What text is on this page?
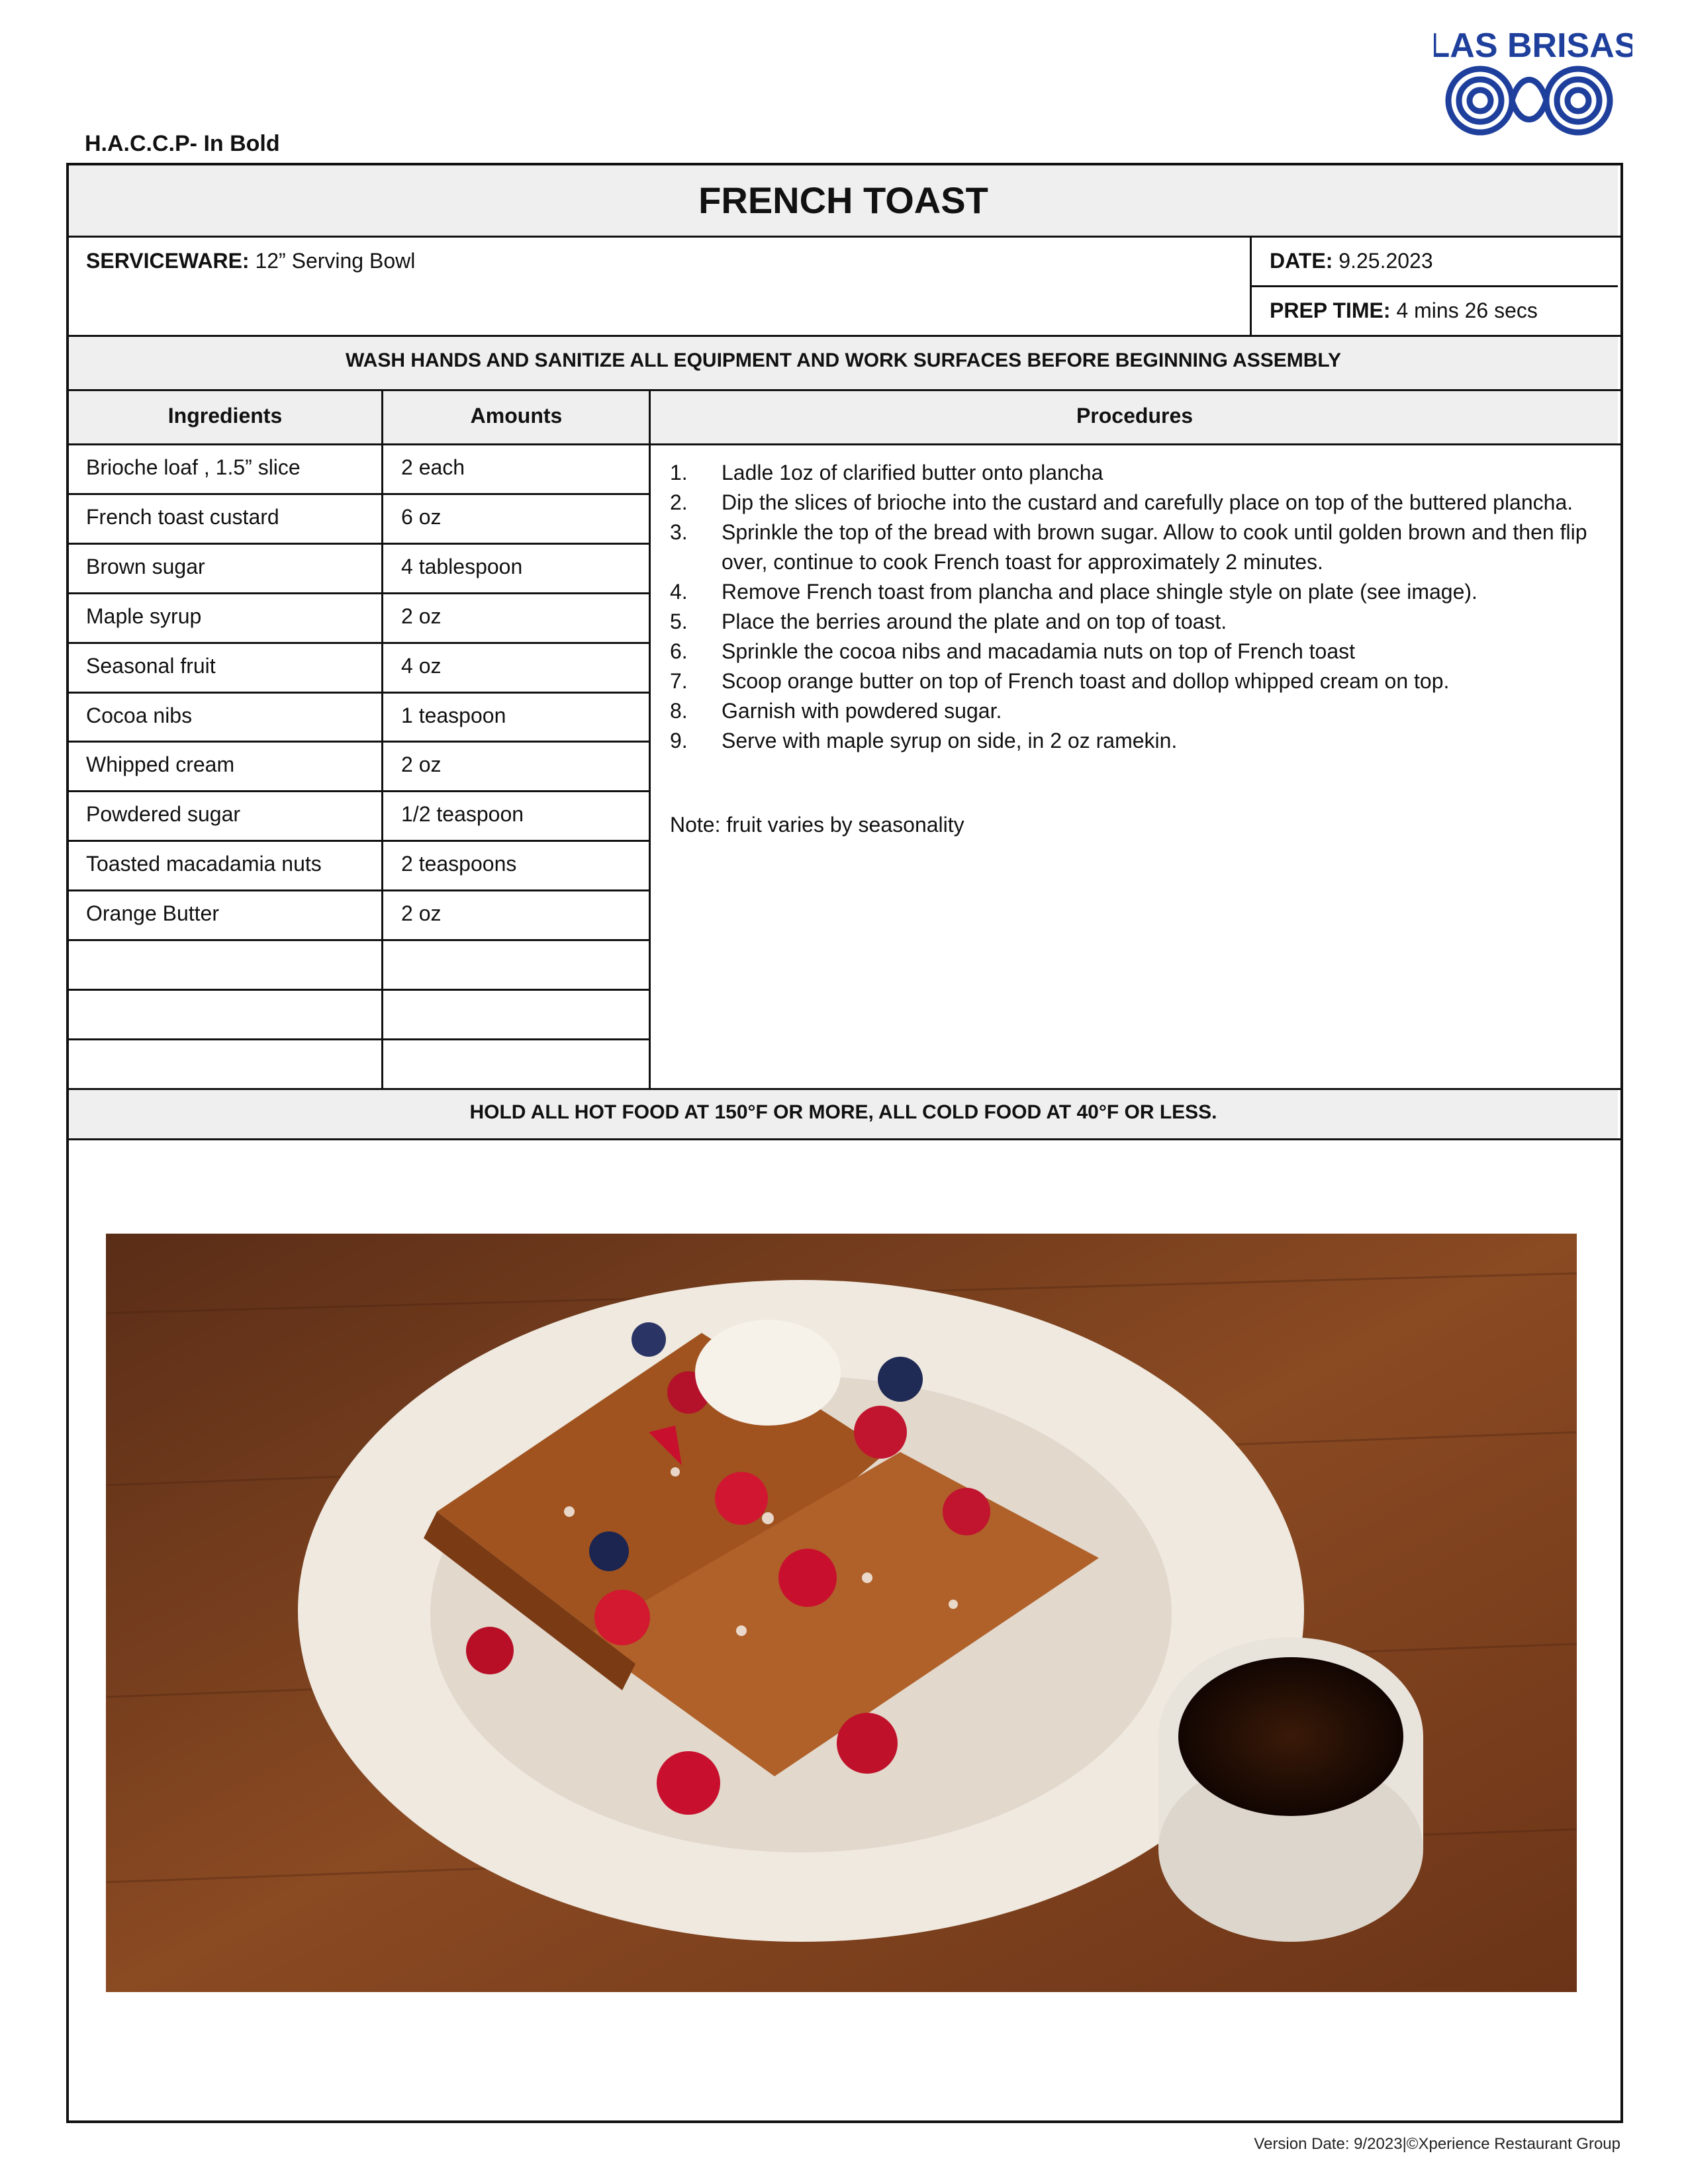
LAS BRISAS
H.A.C.C.P- In Bold
FRENCH TOAST
SERVICEWARE: 12” Serving Bowl	DATE: 9.25.2023
PREP TIME: 4 mins 26 secs
WASH HANDS AND SANITIZE ALL EQUIPMENT AND WORK SURFACES BEFORE BEGINNING ASSEMBLY
Ingredients	Amounts	Procedures
Brioche loaf , 1.5” slice	2 each
French toast custard	6 oz
Brown sugar	4 tablespoon
Maple syrup	2 oz
Seasonal fruit	4 oz
Cocoa nibs	1 teaspoon
Whipped cream	2 oz
Powdered sugar	1/2 teaspoon
Toasted macadamia nuts	2 teaspoons
Orange Butter	2 oz
1. Ladle 1oz of clarified butter onto plancha
2. Dip the slices of brioche into the custard and carefully place on top of the buttered plancha.
3. Sprinkle the top of the bread with brown sugar. Allow to cook until golden brown and then flip over, continue to cook French toast for approximately 2 minutes.
4. Remove French toast from plancha and place shingle style on plate (see image).
5. Place the berries around the plate and on top of toast.
6. Sprinkle the cocoa nibs and macadamia nuts on top of French toast
7. Scoop orange butter on top of French toast and dollop whipped cream on top.
8. Garnish with powdered sugar.
9. Serve with maple syrup on side, in 2 oz ramekin.
Note: fruit varies by seasonality
HOLD ALL HOT FOOD AT 150°F OR MORE, ALL COLD FOOD AT 40°F OR LESS.
Version Date: 9/2023|©Xperience Restaurant Group
